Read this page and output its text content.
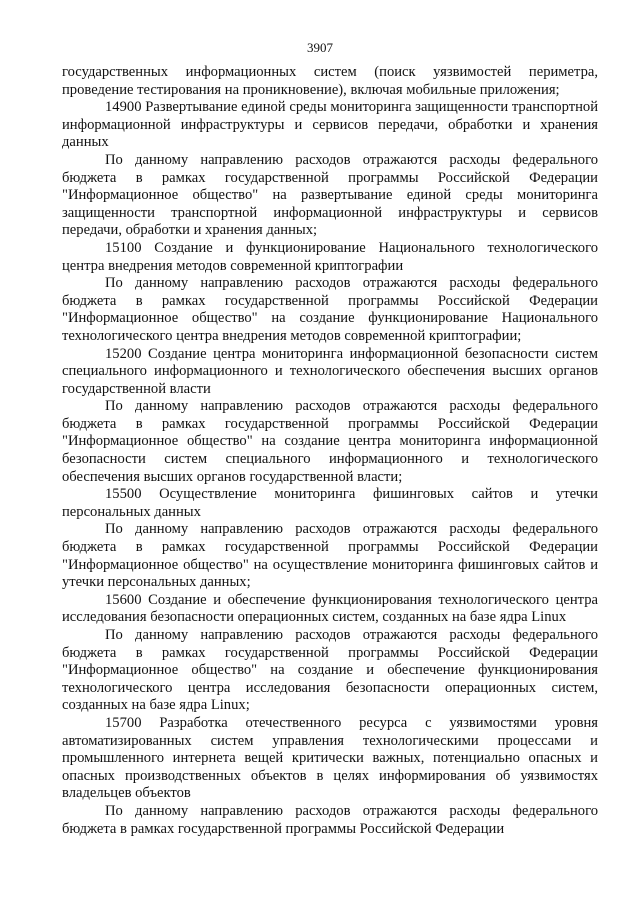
3907

государственных информационных систем (поиск уязвимостей периметра, проведение тестирования на проникновение), включая мобильные приложения;

14900 Развертывание единой среды мониторинга защищенности транспортной информационной инфраструктуры и сервисов передачи, обработки и хранения данных

По данному направлению расходов отражаются расходы федерального бюджета в рамках государственной программы Российской Федерации "Информационное общество" на развертывание единой среды мониторинга защищенности транспортной информационной инфраструктуры и сервисов передачи, обработки и хранения данных;

15100 Создание и функционирование Национального технологического центра внедрения методов современной криптографии

По данному направлению расходов отражаются расходы федерального бюджета в рамках государственной программы Российской Федерации "Информационное общество" на создание функционирование Национального технологического центра внедрения методов современной криптографии;

15200 Создание центра мониторинга информационной безопасности систем специального информационного и технологического обеспечения высших органов государственной власти

По данному направлению расходов отражаются расходы федерального бюджета в рамках государственной программы Российской Федерации "Информационное общество" на создание центра мониторинга информационной безопасности систем специального информационного и технологического обеспечения высших органов государственной власти;

15500 Осуществление мониторинга фишинговых сайтов и утечки персональных данных

По данному направлению расходов отражаются расходы федерального бюджета в рамках государственной программы Российской Федерации "Информационное общество" на осуществление мониторинга фишинговых сайтов и утечки персональных данных;

15600 Создание и обеспечение функционирования технологического центра исследования безопасности операционных систем, созданных на базе ядра Linux

По данному направлению расходов отражаются расходы федерального бюджета в рамках государственной программы Российской Федерации "Информационное общество" на создание и обеспечение функционирования технологического центра исследования безопасности операционных систем, созданных на базе ядра Linux;

15700 Разработка отечественного ресурса с уязвимостями уровня автоматизированных систем управления технологическими процессами и промышленного интернета вещей критически важных, потенциально опасных и опасных производственных объектов в целях информирования об уязвимостях владельцев объектов

По данному направлению расходов отражаются расходы федерального бюджета в рамках государственной программы Российской Федерации
